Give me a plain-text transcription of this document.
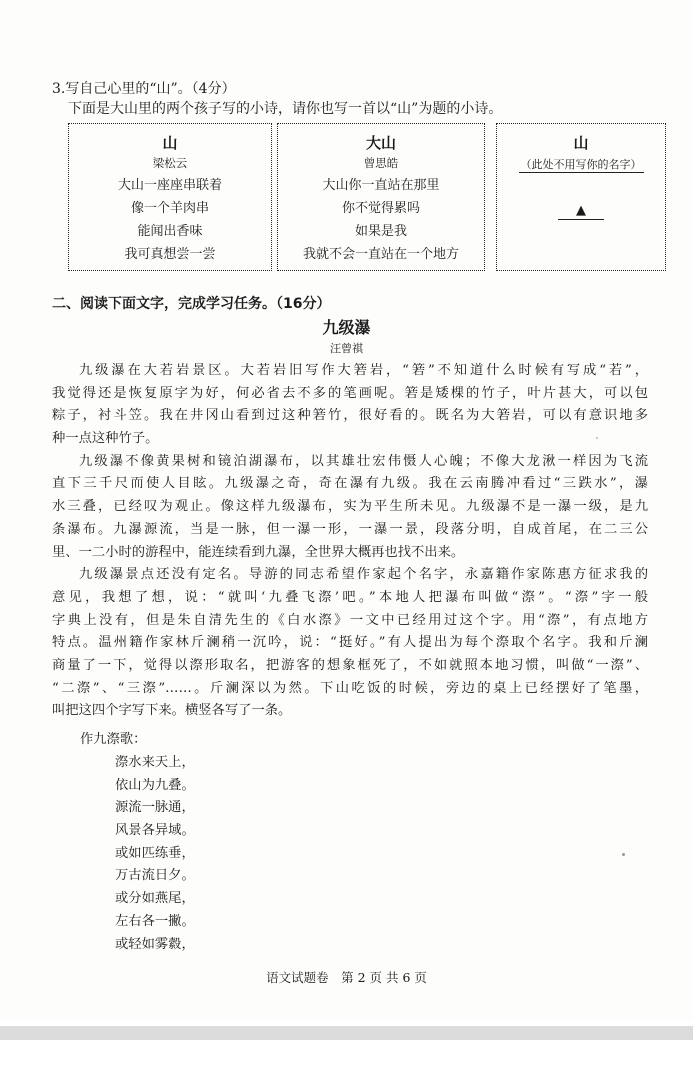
3.写自己心里的“山”。（4分）
下面是大山里的两个孩子写的小诗，请你也写一首以“山”为题的小诗。
山
梁松云
大山一座座串联着
像一个羊肉串
能闻出香味
我可真想尝一尝
大山
曾思皓
大山你一直站在那里
你不觉得累吗
如果是我
我就不会一直站在一个地方
山
（此处不用写你的名字）
▲
二、阅读下面文字，完成学习任务。（16分）
九级瀑
汪曾祺
九级瀑在大若岩景区。大若岩旧写作大箬岩，“箬”不知道什么时候有写成“若”，
我觉得还是恢复原字为好，何必省去不多的笔画呢。箬是矮棵的竹子，叶片甚大，可以包
粽子，衬斗笠。我在井冈山看到过这种箬竹，很好看的。既名为大箬岩，可以有意识地多
种一点这种竹子。
九级瀑不像黄果树和镜泊湖瀑布，以其雄壮宏伟慑人心魄；不像大龙湫一样因为飞流
直下三千尺而使人目眩。九级瀑之奇，奇在瀑有九级。我在云南腾冲看过“三跌水”，瀑
水三叠，已经叹为观止。像这样九级瀑布，实为平生所未见。九级瀑不是一瀑一级，是九
条瀑布。九瀑源流，当是一脉，但一瀑一形，一瀑一景，段落分明，自成首尾，在二三公
里、一二小时的游程中，能连续看到九瀑，全世界大概再也找不出来。
九级瀑景点还没有定名。导游的同志希望作家起个名字，永嘉籍作家陈惠方征求我的
意见，我想了想，说：“就叫‘九叠飞漈’吧。”本地人把瀑布叫做“漈”。“漈”字一般
字典上没有，但是朱自清先生的《白水漈》一文中已经用过这个字。用“漈”，有点地方
特点。温州籍作家林斤澜稍一沉吟，说：“挺好。”有人提出为每个漈取个名字。我和斤澜
商量了一下，觉得以漈形取名，把游客的想象框死了，不如就照本地习惯，叫做“一漈”、
“二漈”、“三漈”……。斤澜深以为然。下山吃饭的时候，旁边的桌上已经摆好了笔墨，
叫把这四个字写下来。横竖各写了一条。
作九漈歌：
漈水来天上，
依山为九叠。
源流一脉通，
风景各异域。
或如匹练垂，
万古流日夕。
或分如燕尾，
左右各一撇。
或轻如雾縠，
语文试题卷　第 2 页 共 6 页
